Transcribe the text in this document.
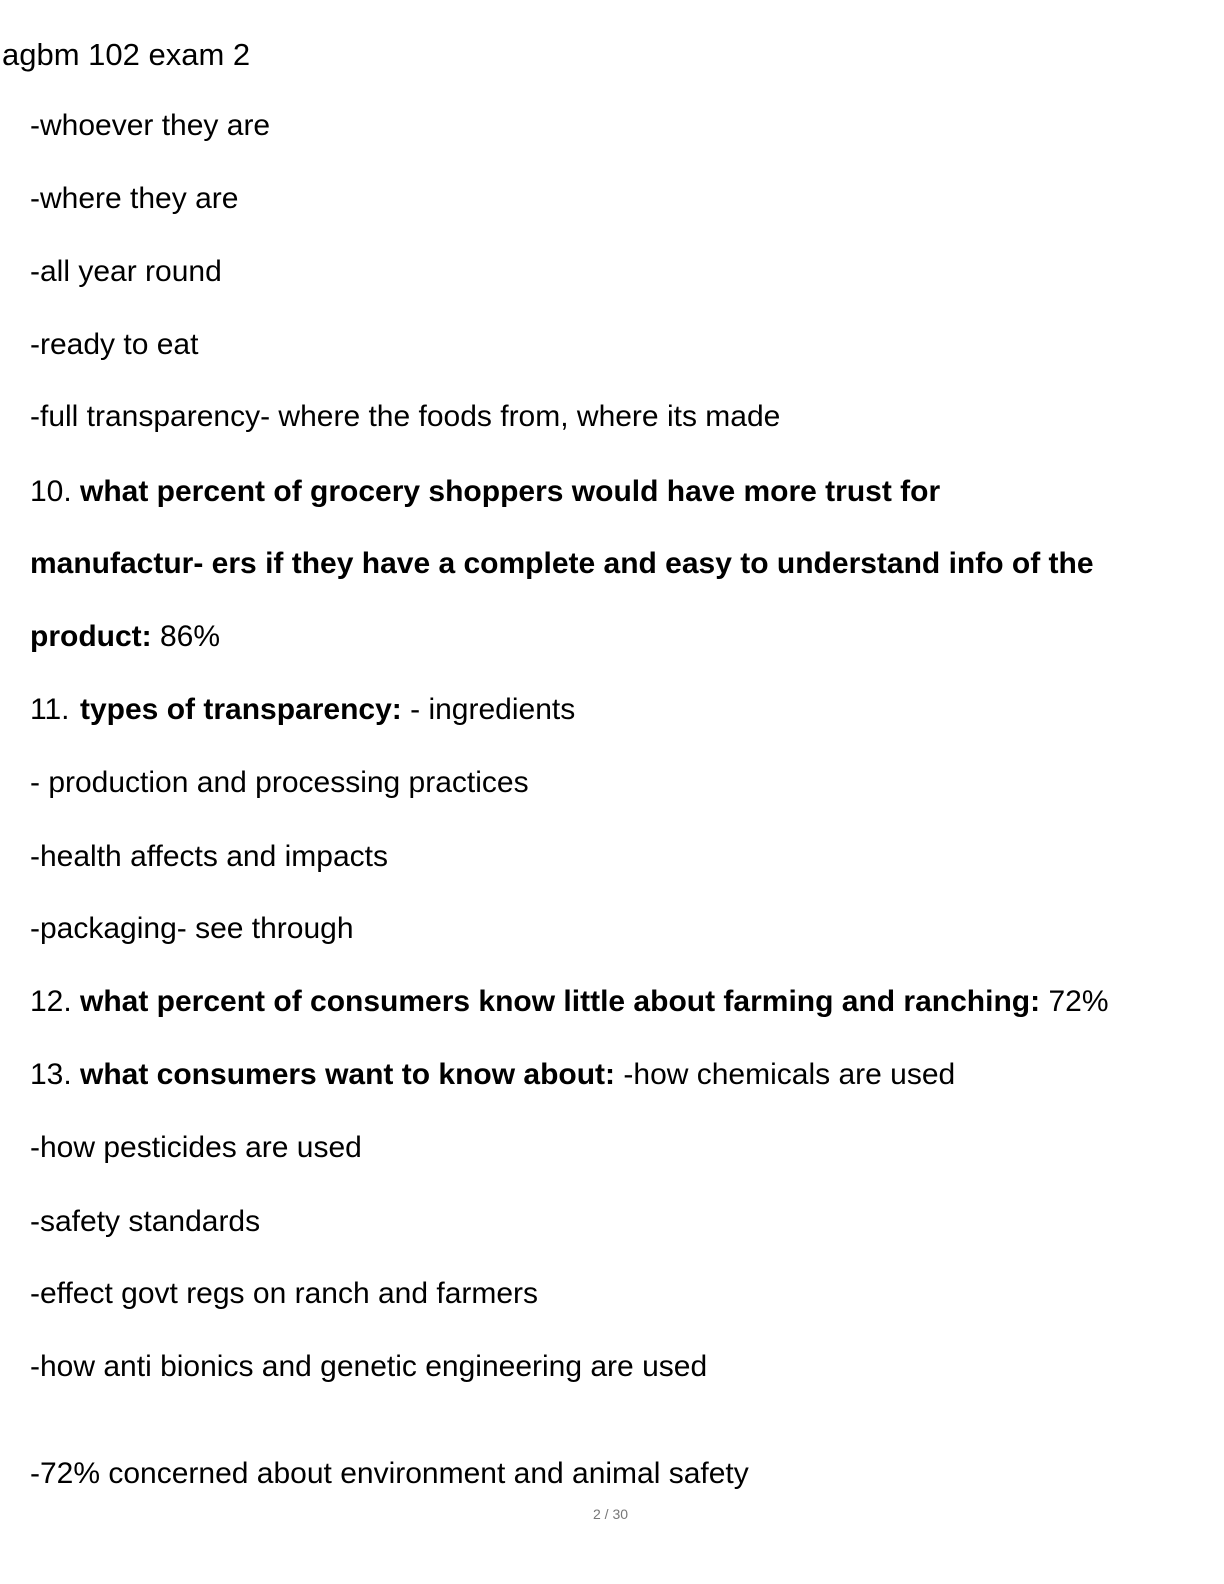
agbm 102 exam 2
-whoever they are
-where they are
-all year round
-ready to eat
-full transparency- where the foods from, where its made
10. what percent of grocery shoppers would have more trust for
manufactur- ers if they have a complete and easy to understand info of the
product: 86%
11. types of transparency: - ingredients
- production and processing practices
-health affects and impacts
-packaging- see through
12. what percent of consumers know little about farming and ranching: 72%
13. what consumers want to know about: -how chemicals are used
-how pesticides are used
-safety standards
-effect govt regs on ranch and farmers
-how anti bionics and genetic engineering are used
-72% concerned about environment and animal safety
2 / 30
